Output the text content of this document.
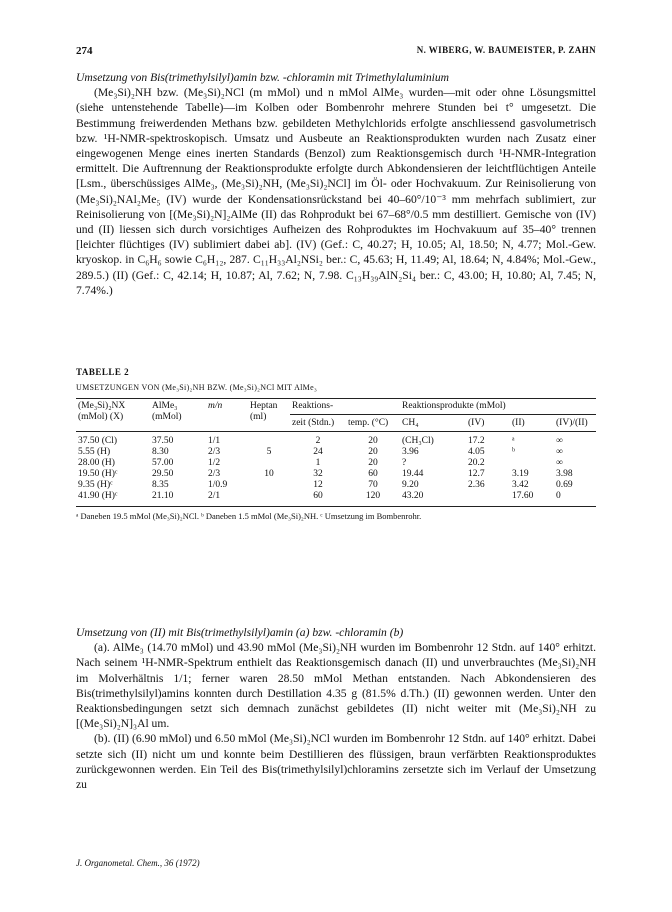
274	N. WIBERG, W. BAUMEISTER, P. ZAHN

Umsetzung von Bis(trimethylsilyl)amin bzw. -chloramin mit Trimethylaluminium

(Me₃Si)₂NH bzw. (Me₃Si)₂NCl (m mMol) und n mMol AlMe₃ wurden—mit oder ohne Lösungsmittel (siehe untenstehende Tabelle)—im Kolben oder Bombenrohr mehrere Stunden bei t° umgesetzt. Die Bestimmung freiwerdenden Methans bzw. gebildeten Methylchlorids erfolgte anschliessend gasvolumetrisch bzw. ¹H-NMR-spektroskopisch. Umsatz und Ausbeute an Reaktionsprodukten wurden nach Zusatz einer eingewogenen Menge eines inerten Standards (Benzol) zum Reaktionsgemisch durch ¹H-NMR-Integration ermittelt. Die Auftrennung der Reaktionsprodukte erfolgte durch Abkondensieren der leichtflüchtigen Anteile [Lsm., überschüssiges AlMe₃, (Me₃Si)₂NH, (Me₃Si)₂NCl] im Öl- oder Hochvakuum. Zur Reinisolierung von (Me₃Si)₂NAl₂Me₅ (IV) wurde der Kondensationsrückstand bei 40–60°/10⁻³ mm mehrfach sublimiert, zur Reinisolierung von [(Me₃Si)₂N]₂AlMe (II) das Rohprodukt bei 67–68°/0.5 mm destilliert. Gemische von (IV) und (II) liessen sich durch vorsichtiges Aufheizen des Rohproduktes im Hochvakuum auf 35–40° trennen [leichter flüchtiges (IV) sublimiert dabei ab]. (IV) (Gef.: C, 40.27; H, 10.05; Al, 18.50; N, 4.77; Mol.-Gew. kryoskop. in C₆H₆ sowie C₆H₁₂, 287. C₁₁H₃₃Al₂NSi₂ ber.: C, 45.63; H, 11.49; Al, 18.64; N, 4.84%; Mol.-Gew., 289.5.) (II) (Gef.: C, 42.14; H, 10.87; Al, 7.62; N, 7.98. C₁₃H₃₉AlN₂Si₄ ber.: C, 43.00; H, 10.80; Al, 7.45; N, 7.74%.)

TABELLE 2
UMSETZUNGEN VON (Me₃Si)₂NH BZW. (Me₃Si)₂NCl MIT AlMe₃
(Me₃Si)₂NX (mMol) (X)	AlMe₃ (mMol)	m/n	Heptan (ml)	Reaktions-		Reaktionsprodukte (mMol)			
				zeit (Stdn.)	temp. (°C)	CH₄	(IV)	(II)	(IV)/(II)
37.50 (Cl)	37.50	1/1		2	20	(CH₃Cl)	17.2	ᵃ	∞
5.55 (H)	8.30	2/3	5	24	20	3.96	4.05	ᵇ	∞
28.00 (H)	57.00	1/2		1	20	?	20.2		∞
19.50 (H)ᶜ	29.50	2/3	10	32	60	19.44	12.7	3.19	3.98
9.35 (H)ᶜ	8.35	1/0.9		12	70	9.20	2.36	3.42	0.69
41.90 (H)ᶜ	21.10	2/1		60	120	43.20		17.60	0
ᵃ Daneben 19.5 mMol (Me₃Si)₂NCl. ᵇ Daneben 1.5 mMol (Me₃Si)₂NH. ᶜ Umsetzung im Bombenrohr.

Umsetzung von (II) mit Bis(trimethylsilyl)amin (a) bzw. -chloramin (b)

(a). AlMe₃ (14.70 mMol) und 43.90 mMol (Me₃Si)₂NH wurden im Bombenrohr 12 Stdn. auf 140° erhitzt. Nach seinem ¹H-NMR-Spektrum enthielt das Reaktionsgemisch danach (II) und unverbrauchtes (Me₃Si)₂NH im Molverhältnis 1/1; ferner waren 28.50 mMol Methan entstanden. Nach Abkondensieren des Bis(trimethylsilyl)amins konnten durch Destillation 4.35 g (81.5% d.Th.) (II) gewonnen werden. Unter den Reaktionsbedingungen setzt sich demnach zunächst gebildetes (II) nicht weiter mit (Me₃Si)₂NH zu [(Me₃Si)₂N]₃Al um.

(b). (II) (6.90 mMol) und 6.50 mMol (Me₃Si)₂NCl wurden im Bombenrohr 12 Stdn. auf 140° erhitzt. Dabei setzte sich (II) nicht um und konnte beim Destillieren des flüssigen, braun verfärbten Reaktionsproduktes zurückgewonnen werden. Ein Teil des Bis(trimethylsilyl)chloramins zersetzte sich im Verlauf der Umsetzung zu

J. Organometal. Chem., 36 (1972)
